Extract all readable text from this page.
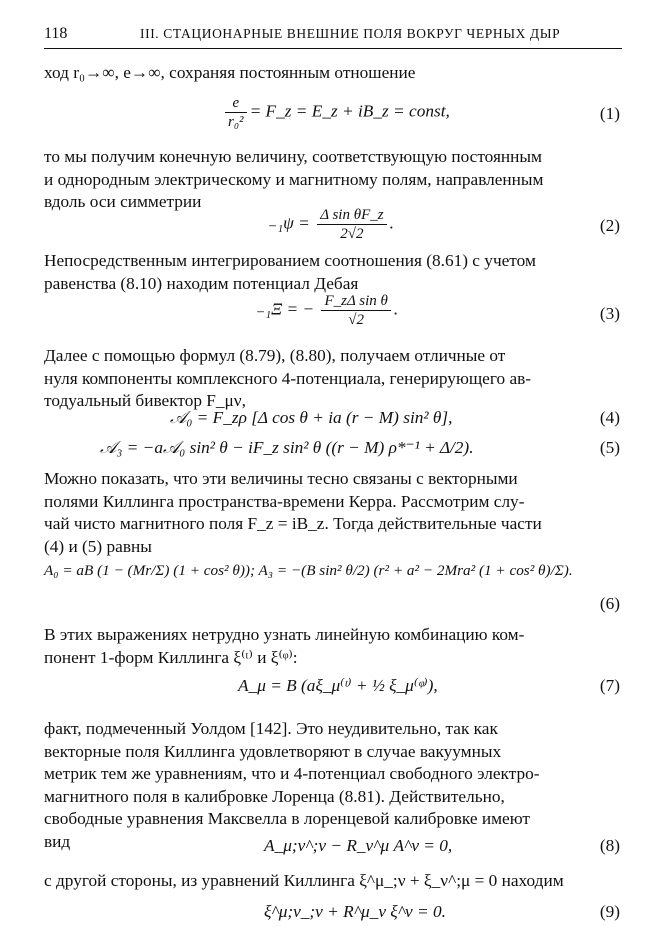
118	III. СТАЦИОНАРНЫЕ ВНЕШНИЕ ПОЛЯ ВОКРУГ ЧЕРНЫХ ДЫР
ход r₀→∞, e→∞, сохраняя постоянным отношение
$\frac{e}{\text{r₀²}}$ = F_z = E_z + iB_z = const,	(1)
то мы получим конечную величину, соответствующую постоянным
и однородным электрическому и магнитному полям, направленным
вдоль оси симметрии
$_{-1}\psi = \frac{\text{Δ sin θF\_z}}{2√2}$ .	(2)
Непосредственным интегрированием соотношения (8.61) с учетом
равенства (8.10) находим потенциал Дебая
₋₁Ξ = − $\frac{\text{F\_zΔ sin θ}}{√2}$ .	(3)
Далее с помощью формул (8.79), (8.80), получаем отличные от
нуля компоненты комплексного 4-потенциала, генерирующего ав-
тодуальный бивектор F_μν,
𝒜₀ = F_zρ [Δ cos θ + ia (r − M) sin² θ],	(4)
𝒜₃ = −a𝒜₀ sin² θ − iF_z sin² θ ((r − M) ρ*⁻¹ + Δ/2).	(5)
Можно показать, что эти величины тесно связаны с векторными
полями Киллинга пространства-времени Керра. Рассмотрим слу-
чай чисто магнитного поля F_z = iB_z. Тогда действительные части
(4) и (5) равны
A₀ = aB (1 − (Mr/Σ) (1 + cos² θ)); A₃ = −(B sin² θ/2) (r² + a² − 2Mra² (1 + cos² θ)/Σ).
(6)
В этих выражениях нетрудно узнать линейную комбинацию ком-
понент 1-форм Киллинга ξ⁽ᵗ⁾ и ξ⁽ᵠ⁾:
A_μ = B (aξ_μ⁽ᵗ⁾ + ½ ξ_μ⁽ᵠ⁾),	(7)
факт, подмеченный Уолдом [142]. Это неудивительно, так как
векторные поля Киллинга удовлетворяют в случае вакуумных
метрик тем же уравнениям, что и 4-потенциал свободного электро-
магнитного поля в калибровке Лоренца (8.81). Действительно,
свободные уравнения Максвелла в лоренцевой калибровке имеют
вид	A_μ;ν^;ν − R_ν^μ A^ν = 0,	(8)
с другой стороны, из уравнений Киллинга ξ^μ_;ν + ξ_ν^;μ = 0 находим
ξ^μ;ν_;ν + R^μ_ν ξ^ν = 0.	(9)
